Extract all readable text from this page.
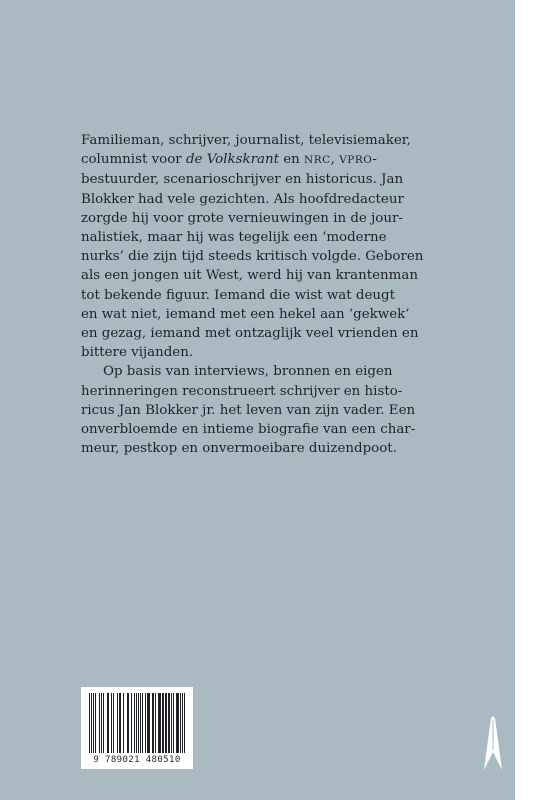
Familieman, schrijver, journalist, televisiemaker,
columnist voor de Volkskrant en NRC, VPRO-
bestuurder, scenarioschrijver en historicus. Jan
Blokker had vele gezichten. Als hoofdredacteur
zorgde hij voor grote vernieuwingen in de jour-
nalistiek, maar hij was tegelijk een ‘moderne
nurks’ die zijn tijd steeds kritisch volgde. Geboren
als een jongen uit West, werd hij van krantenman
tot bekende figuur. Iemand die wist wat deugt
en wat niet, iemand met een hekel aan ‘gekwek’
en gezag, iemand met ontzaglijk veel vrienden en
bittere vijanden.

Op basis van interviews, bronnen en eigen
herinneringen reconstrueert schrijver en histo-
ricus Jan Blokker jr. het leven van zijn vader. Een
onverbloemde en intieme biografie van een char-
meur, pestkop en onvermoeibare duizendpoot.

9 789021 480510
